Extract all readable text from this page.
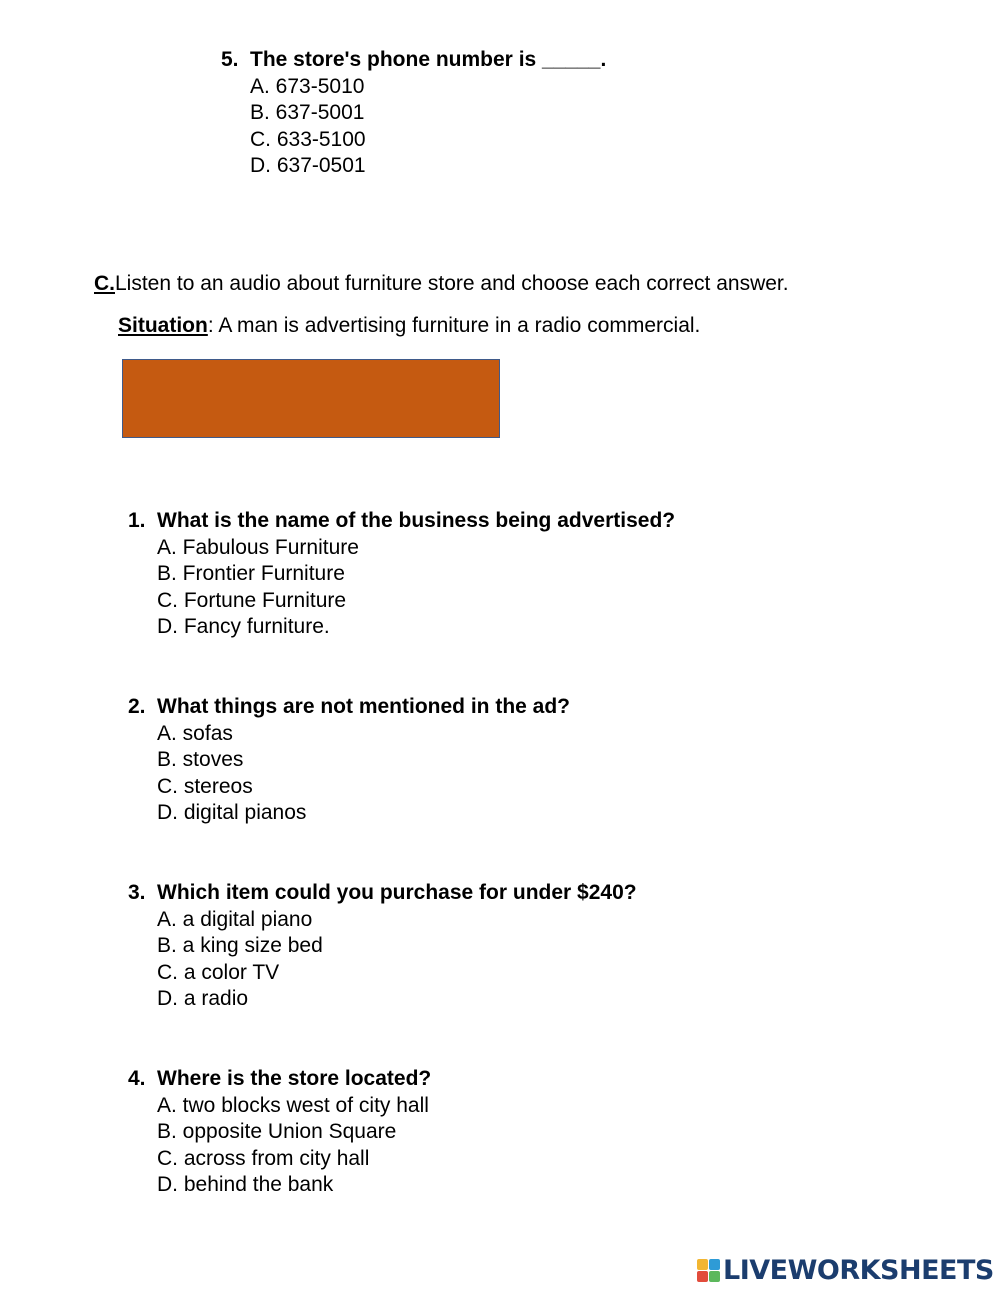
5. The store's phone number is _____.
A. 673-5010
B. 637-5001
C. 633-5100
D. 637-0501
C.Listen to an audio about furniture store and choose each correct answer.
Situation: A man is advertising furniture in a radio commercial.
1. What is the name of the business being advertised?
A. Fabulous Furniture
B. Frontier Furniture
C. Fortune Furniture
D. Fancy furniture.
2. What things are not mentioned in the ad?
A. sofas
B. stoves
C. stereos
D. digital pianos
3. Which item could you purchase for under $240?
A. a digital piano
B. a king size bed
C. a color TV
D. a radio
4. Where is the store located?
A. two blocks west of city hall
B. opposite Union Square
C. across from city hall
D. behind the bank
LIVEWORKSHEETS
